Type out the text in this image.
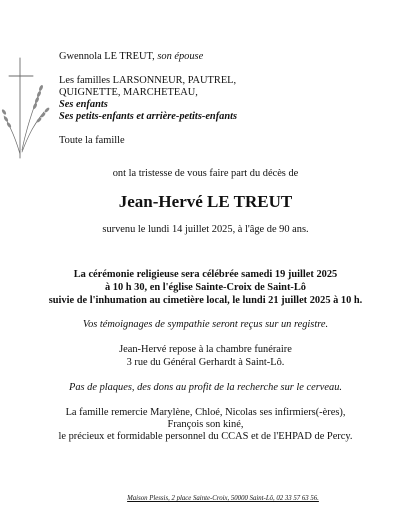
Gwennola LE TREUT, son épouse
Les familles LARSONNEUR, PAUTREL,
QUIGNETTE, MARCHETEAU,
Ses enfants
Ses petits-enfants et arrière-petits-enfants
Toute la famille
ont la tristesse de vous faire part du décès de
Jean-Hervé LE TREUT
survenu le lundi 14 juillet 2025, à l'âge de 90 ans.
La cérémonie religieuse sera célébrée samedi 19 juillet 2025
à 10 h 30, en l'église Sainte-Croix de Saint-Lô
suivie de l'inhumation au cimetière local, le lundi 21 juillet 2025 à 10 h.
Vos témoignages de sympathie seront reçus sur un registre.
Jean-Hervé repose à la chambre funéraire
3 rue du Général Gerhardt à Saint-Lô.
Pas de plaques, des dons au profit de la recherche sur le cerveau.
La famille remercie Marylène, Chloé, Nicolas ses infirmiers(-ères),
François son kiné,
le précieux et formidable personnel du CCAS et de l'EHPAD de Percy.
Maison Plessis, 2 place Sainte-Croix, 50000 Saint-Lô, 02 33 57 63 56.
